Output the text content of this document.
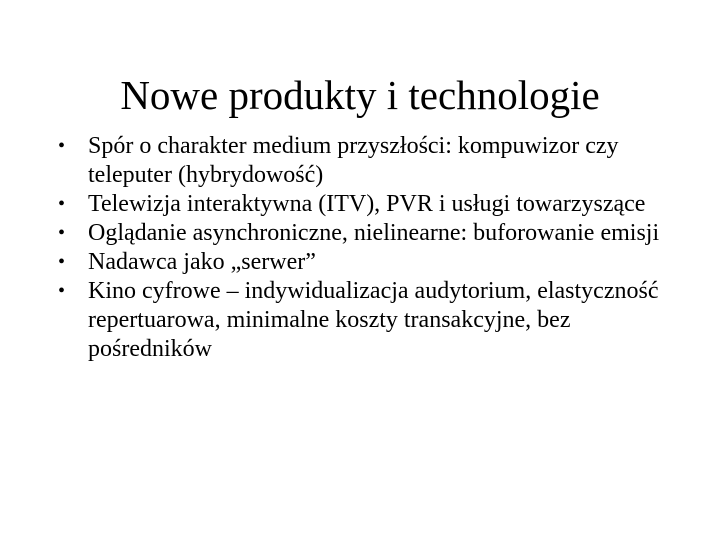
Nowe produkty i technologie
• Spór o charakter medium przyszłości: kompuwizor czy teleputer (hybrydowość)
• Telewizja interaktywna (ITV), PVR i usługi towarzyszące
• Oglądanie asynchroniczne, nielinearne: buforowanie emisji
• Nadawca jako „serwer”
• Kino cyfrowe – indywidualizacja audytorium, elastyczność repertuarowa, minimalne koszty transakcyjne, bez pośredników
